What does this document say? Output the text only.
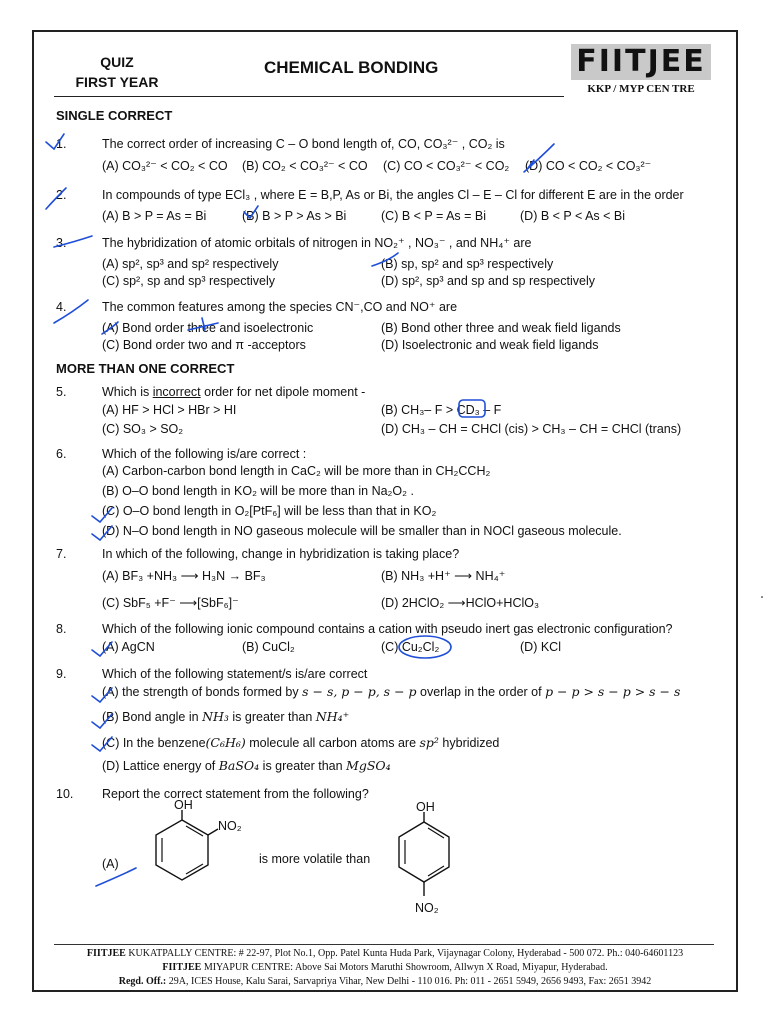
QUIZ
FIRST YEAR
CHEMICAL BONDING	FIITJEE
KKP / MYP CEN TRE
SINGLE CORRECT
1.	The correct order of increasing C – O bond length of, CO, CO₃²⁻ , CO₂ is
(A) CO₃²⁻ < CO₂ < CO (B) CO₂ < CO₃²⁻ < CO (C) CO < CO₃²⁻ < CO₂ (D) CO < CO₂ < CO₃²⁻
2.	In compounds of type ECl₃ , where E = B,P, As or Bi, the angles Cl – E – Cl for different E are in the order
(A) B > P = As = Bi	(B) B > P > As > Bi	(C) B < P = As = Bi	(D) B < P < As < Bi
3.	The hybridization of atomic orbitals of nitrogen in NO₂⁺ , NO₃⁻ , and NH₄⁺ are
(A) sp², sp³ and sp² respectively	(B) sp, sp² and sp³ respectively
(C) sp², sp and sp³ respectively	(D) sp², sp³ and sp and sp respectively
4.	The common features among the species CN⁻,CO and NO⁺ are
(A) Bond order three and isoelectronic	(B) Bond other three and weak field ligands
(C) Bond order two and π -acceptors	(D) Isoelectronic and weak field ligands
MORE THAN ONE CORRECT
5.	Which is incorrect order for net dipole moment -
(A) HF > HCl > HBr > HI	(B) CH₃– F > CD₃ – F
(C) SO₃ > SO₂	(D) CH₃ – CH = CHCl (cis) > CH₃ – CH = CHCl (trans)
6.	Which of the following is/are correct :
(A) Carbon-carbon bond length in CaC₂ will be more than in CH₂CCH₂
(B) O–O bond length in KO₂ will be more than in Na₂O₂ .
(C) O–O bond length in O₂[PtF₆] will be less than that in KO₂
(D) N–O bond length in NO gaseous molecule will be smaller than in NOCl gaseous molecule.
7.	In which of the following, change in hybridization is taking place?
(A) BF₃ +NH₃ ⟶ H₃N → BF₃	(B) NH₃ +H⁺ ⟶ NH₄⁺
(C) SbF₅ +F⁻ ⟶[SbF₆]⁻	(D) 2HClO₂ ⟶HClO+HClO₃
8.	Which of the following ionic compound contains a cation with pseudo inert gas electronic configuration?
(A) AgCN	(B) CuCl₂	(C) Cu₂Cl₂	(D) KCl
9.	Which of the following statement/s is/are correct
(A) the strength of bonds formed by s − s, p − p, s − p overlap in the order of p − p > s − p > s − s
(B) Bond angle in NH₃ is greater than NH₄⁺
(C) In the benzene(C₆H₆) molecule all carbon atoms are sp² hybridized
(D) Lattice energy of BaSO₄ is greater than MgSO₄
10. Report the correct statement from the following?
(A)	is more volatile than
OH
NO₂
OH
NO₂
FIITJEE KUKATPALLY CENTRE: # 22-97, Plot No.1, Opp. Patel Kunta Huda Park, Vijaynagar Colony, Hyderabad - 500 072. Ph.: 040-64601123
FIITJEE MIYAPUR CENTRE: Above Sai Motors Maruthi Showroom, Allwyn X Road, Miyapur, Hyderabad.
Regd. Off.: 29A, ICES House, Kalu Sarai, Sarvapriya Vihar, New Delhi - 110 016. Ph: 011 - 2651 5949, 2656 9493, Fax: 2651 3942
